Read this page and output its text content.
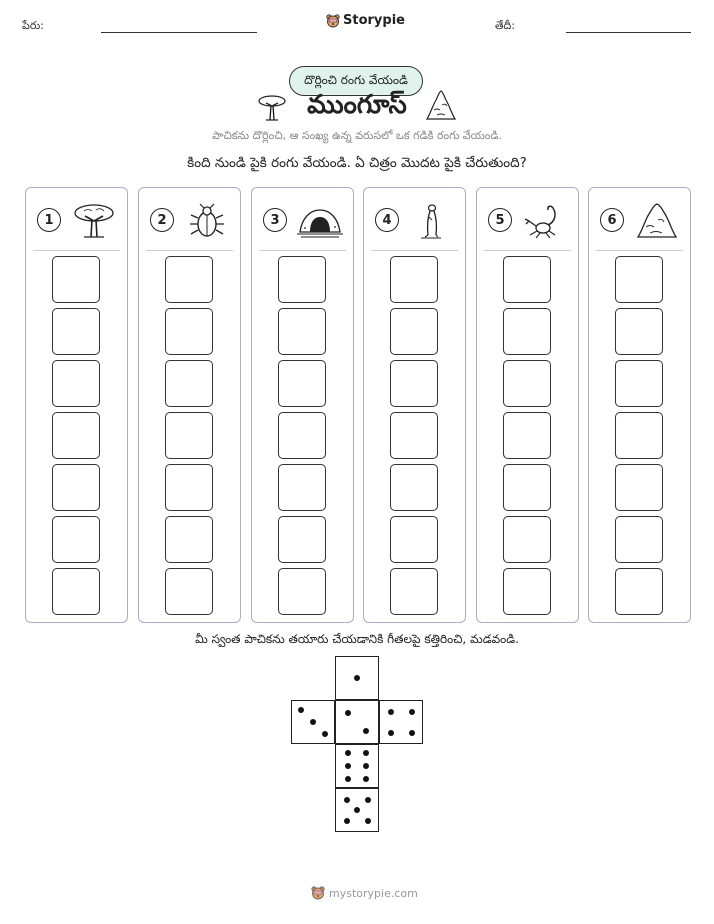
పేరు:	Storypie	తేదీ:
దొర్లించి రంగు వేయండి
ముంగూస్
పాచికను దొర్లించి, ఆ సంఖ్య ఉన్న వరుసలో ఒక గడికి రంగు వేయండి.
కింది నుండి పైకి రంగు వేయండి. ఏ చిత్రం మొదట పైకి చేరుతుంది?
1	2	3	4	5	6
మీ స్వంత పాచికను తయారు చేయడానికి గీతలపై కత్తిరించి, మడవండి.
mystorypie.com
